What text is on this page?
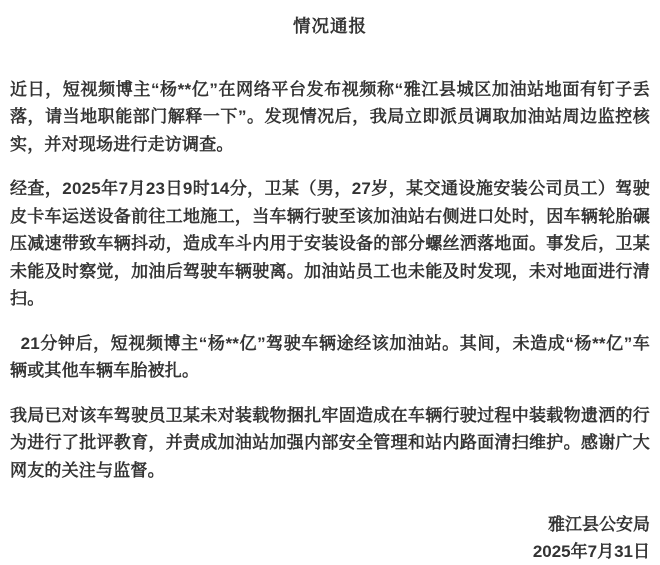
情况通报

近日，短视频博主“杨**亿”在网络平台发布视频称“雅江县城区加油站地面有钉子丢落，请当地职能部门解释一下”。发现情况后，我局立即派员调取加油站周边监控核实，并对现场进行走访调查。

经查，2025年7月23日9时14分，卫某（男，27岁，某交通设施安装公司员工）驾驶皮卡车运送设备前往工地施工，当车辆行驶至该加油站右侧进口处时，因车辆轮胎碾压减速带致车辆抖动，造成车斗内用于安装设备的部分螺丝洒落地面。事发后，卫某未能及时察觉，加油后驾驶车辆驶离。加油站员工也未能及时发现，未对地面进行清扫。

21分钟后，短视频博主“杨**亿”驾驶车辆途经该加油站。其间，未造成“杨**亿”车辆或其他车辆车胎被扎。

我局已对该车驾驶员卫某未对装载物捆扎牢固造成在车辆行驶过程中装载物遗洒的行为进行了批评教育，并责成加油站加强内部安全管理和站内路面清扫维护。感谢广大网友的关注与监督。

雅江县公安局
2025年7月31日
